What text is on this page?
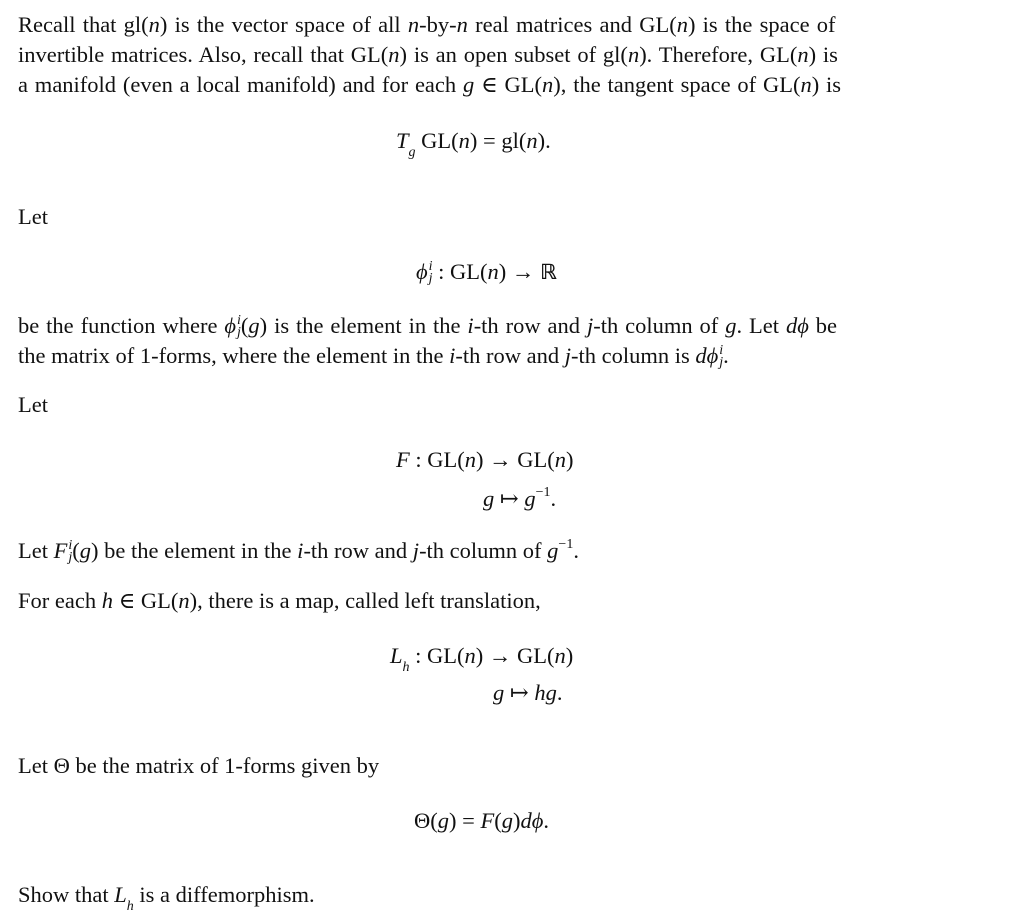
Recall that gl(n) is the vector space of all n-by-n real matrices and GL(n) is the space of
invertible matrices. Also, recall that GL(n) is an open subset of gl(n). Therefore, GL(n) is
a manifold (even a local manifold) and for each g ∈ GL(n), the tangent space of GL(n) is

$T_g$ GL(n) = gl(n).
Let
ϕ i
j : GL(n) → ℝ

be the function where ϕ i
j (g) is the element in the i-th row and j-th column of g. Let dϕ be
the matrix of 1-forms, where the element in the i-th row and j-th column is dϕ i
j .

Let
F : GL(n) → GL(n)
g ↦ $g^{-1}$.
Let F i
j (g) be the element in the i-th row and j-th column of $g^{-1}$.
For each h ∈ GL(n), there is a map, called left translation,
$L_h$ : GL(n) → GL(n)
g ↦ hg.
Let Θ be the matrix of 1-forms given by
Θ(g) = F(g)dϕ.
Show that $L_h$ is a diffemorphism.
